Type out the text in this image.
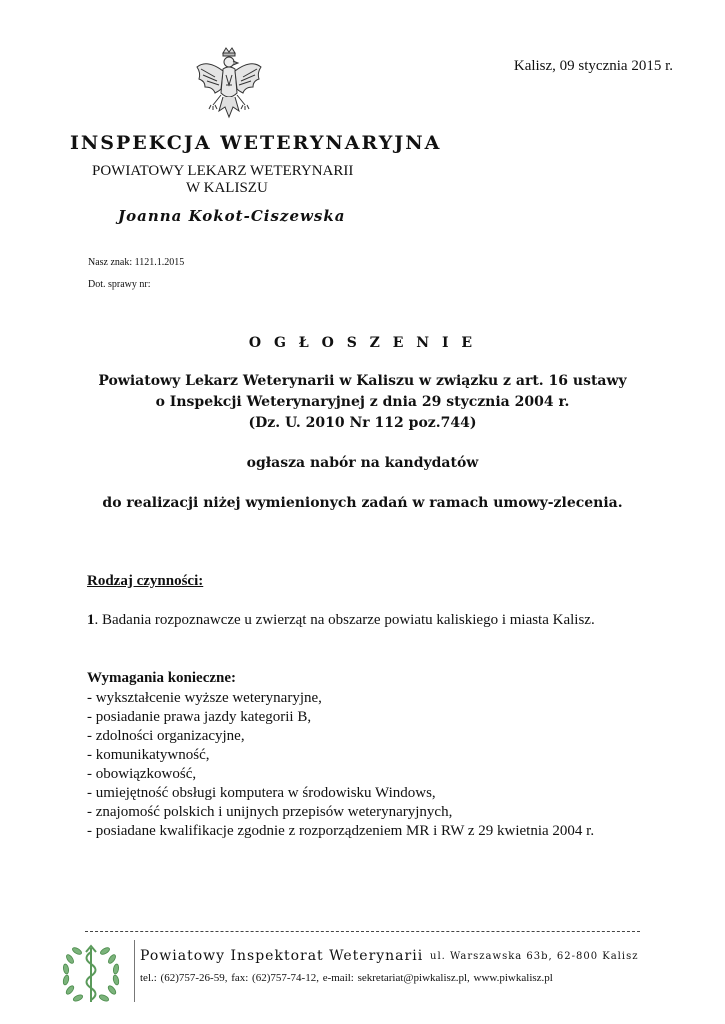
Kalisz, 09 stycznia 2015 r.
INSPEKCJA WETERYNARYJNA
POWIATOWY LEKARZ WETERYNARII
W KALISZU
Joanna Kokot-Ciszewska
Nasz znak: 1121.1.2015
Dot. sprawy nr:
O G Ł O S Z E N I E
Powiatowy Lekarz Weterynarii w Kaliszu w związku z art. 16 ustawy
o Inspekcji Weterynaryjnej z dnia 29 stycznia 2004 r.
(Dz. U. 2010 Nr 112 poz.744)
ogłasza nabór na kandydatów
do realizacji niżej wymienionych zadań w ramach umowy-zlecenia.
Rodzaj czynności:
1. Badania rozpoznawcze u zwierząt na obszarze powiatu kaliskiego i miasta Kalisz.
Wymagania konieczne:
- wykształcenie wyższe weterynaryjne,
- posiadanie prawa jazdy kategorii B,
- zdolności organizacyjne,
- komunikatywność,
- obowiązkowość,
- umiejętność obsługi komputera w środowisku Windows,
- znajomość polskich i unijnych przepisów weterynaryjnych,
- posiadane kwalifikacje zgodnie z rozporządzeniem MR i RW z 29 kwietnia 2004 r.
Powiatowy Inspektorat Weterynarii ul. Warszawska 63b, 62-800 Kalisz
tel.: (62)757-26-59, fax: (62)757-74-12, e-mail: sekretariat@piwkalisz.pl, www.piwkalisz.pl
